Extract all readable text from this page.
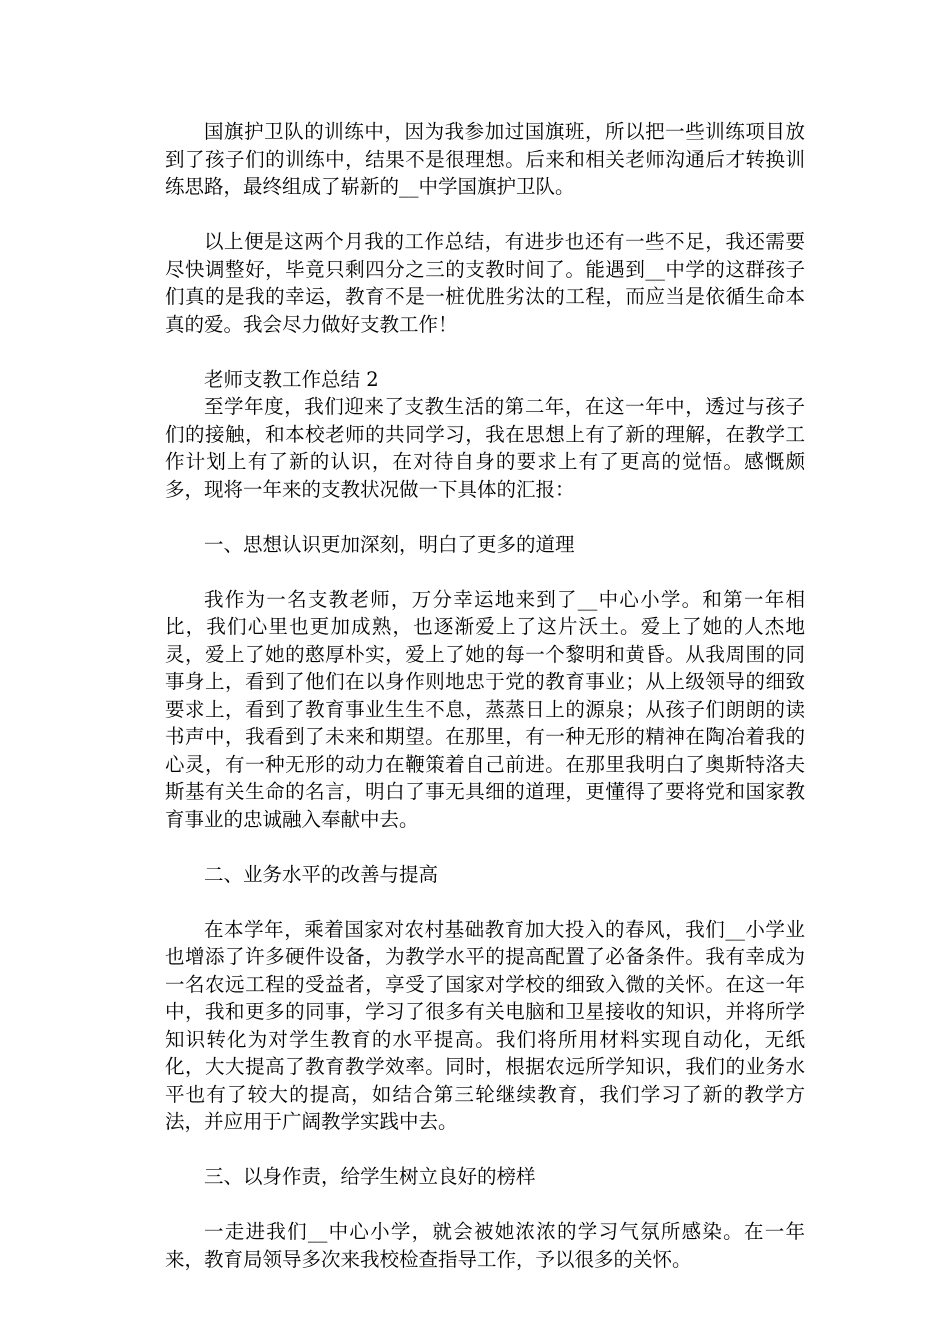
国旗护卫队的训练中，因为我参加过国旗班，所以把一些训练项目放到了孩子们的训练中，结果不是很理想。后来和相关老师沟通后才转换训练思路，最终组成了崭新的__中学国旗护卫队。

以上便是这两个月我的工作总结，有进步也还有一些不足，我还需要尽快调整好，毕竟只剩四分之三的支教时间了。能遇到__中学的这群孩子们真的是我的幸运，教育不是一桩优胜劣汰的工程，而应当是依循生命本真的爱。我会尽力做好支教工作！

老师支教工作总结 2

至学年度，我们迎来了支教生活的第二年，在这一年中，透过与孩子们的接触，和本校老师的共同学习，我在思想上有了新的理解，在教学工作计划上有了新的认识，在对待自身的要求上有了更高的觉悟。感慨颇多，现将一年来的支教状况做一下具体的汇报：

一、思想认识更加深刻，明白了更多的道理

我作为一名支教老师，万分幸运地来到了__中心小学。和第一年相比，我们心里也更加成熟，也逐渐爱上了这片沃土。爱上了她的人杰地灵，爱上了她的憨厚朴实，爱上了她的每一个黎明和黄昏。从我周围的同事身上，看到了他们在以身作则地忠于党的教育事业；从上级领导的细致要求上，看到了教育事业生生不息，蒸蒸日上的源泉；从孩子们朗朗的读书声中，我看到了未来和期望。在那里，有一种无形的精神在陶冶着我的心灵，有一种无形的动力在鞭策着自己前进。在那里我明白了奥斯特洛夫斯基有关生命的名言，明白了事无具细的道理，更懂得了要将党和国家教育事业的忠诚融入奉献中去。

二、业务水平的改善与提高

在本学年，乘着国家对农村基础教育加大投入的春风，我们__小学业也增添了许多硬件设备，为教学水平的提高配置了必备条件。我有幸成为一名农远工程的受益者，享受了国家对学校的细致入微的关怀。在这一年中，我和更多的同事，学习了很多有关电脑和卫星接收的知识，并将所学知识转化为对学生教育的水平提高。我们将所用材料实现自动化，无纸化，大大提高了教育教学效率。同时，根据农远所学知识，我们的业务水平也有了较大的提高，如结合第三轮继续教育，我们学习了新的教学方法，并应用于广阔教学实践中去。

三、以身作责，给学生树立良好的榜样

一走进我们__中心小学，就会被她浓浓的学习气氛所感染。在一年来，教育局领导多次来我校检查指导工作，予以很多的关怀。
